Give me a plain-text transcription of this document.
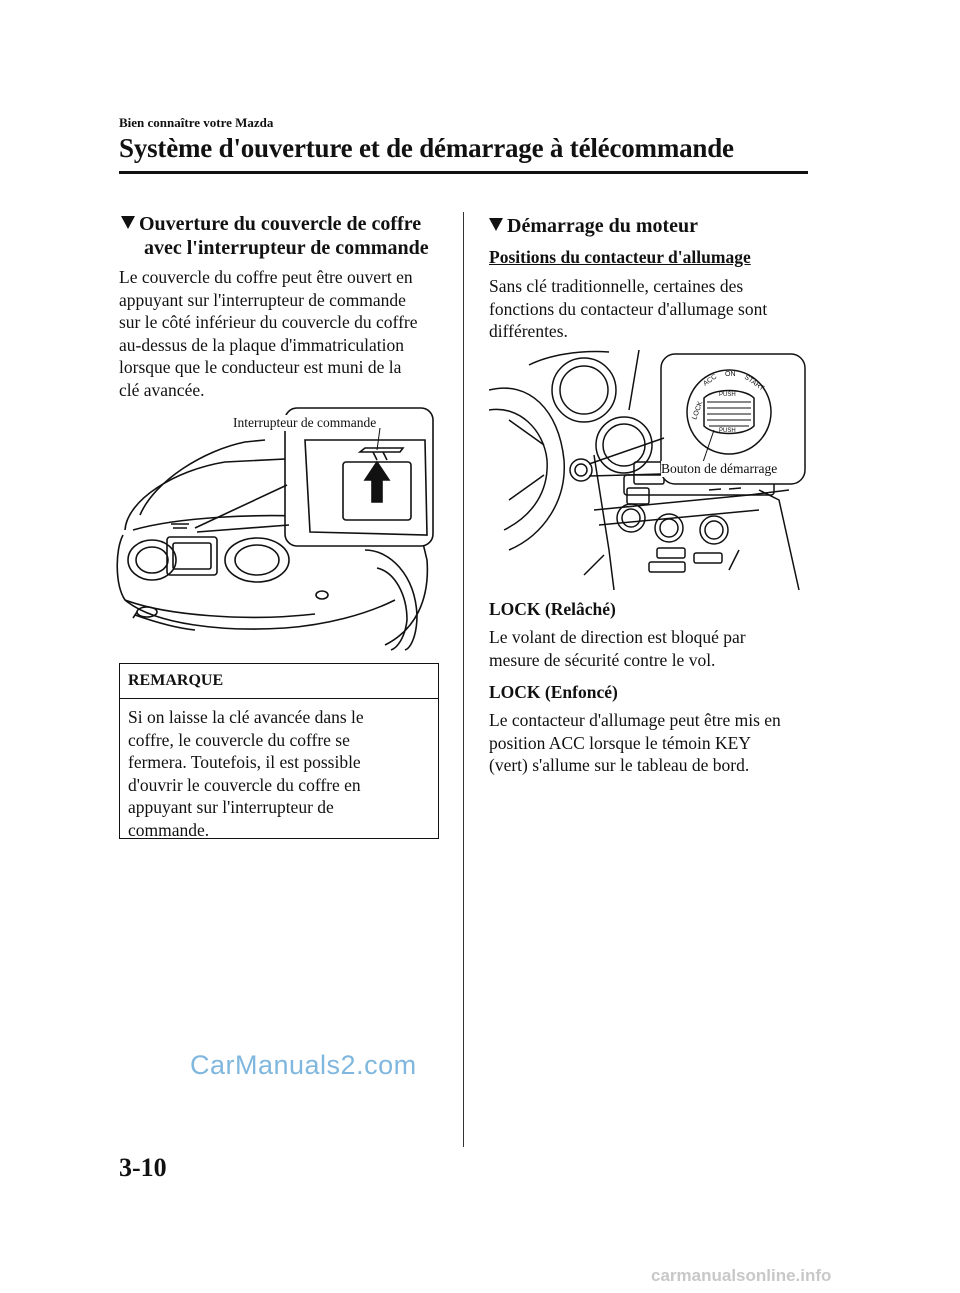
Bien connaître votre Mazda
Système d'ouverture et de démarrage à télécommande
Ouverture du couvercle de coffre
avec l'interrupteur de commande
Le couvercle du coffre peut être ouvert en
appuyant sur l'interrupteur de commande
sur le côté inférieur du couvercle du coffre
au-dessus de la plaque d'immatriculation
lorsque que le conducteur est muni de la
clé avancée.
Interrupteur de commande
REMARQUE
Si on laisse la clé avancée dans le
coffre, le couvercle du coffre se
fermera. Toutefois, il est possible
d'ouvrir le couvercle du coffre en
appuyant sur l'interrupteur de
commande.
Démarrage du moteur
Positions du contacteur d'allumage
Sans clé traditionnelle, certaines des
fonctions du contacteur d'allumage sont
différentes.
LOCK
ACC ON START
PUSH
PUSH
Bouton de démarrage
LOCK (Relâché)
Le volant de direction est bloqué par
mesure de sécurité contre le vol.
LOCK (Enfoncé)
Le contacteur d'allumage peut être mis en
position ACC lorsque le témoin KEY
(vert) s'allume sur le tableau de bord.
CarManuals2.com
3-10
carmanualsonline.info
